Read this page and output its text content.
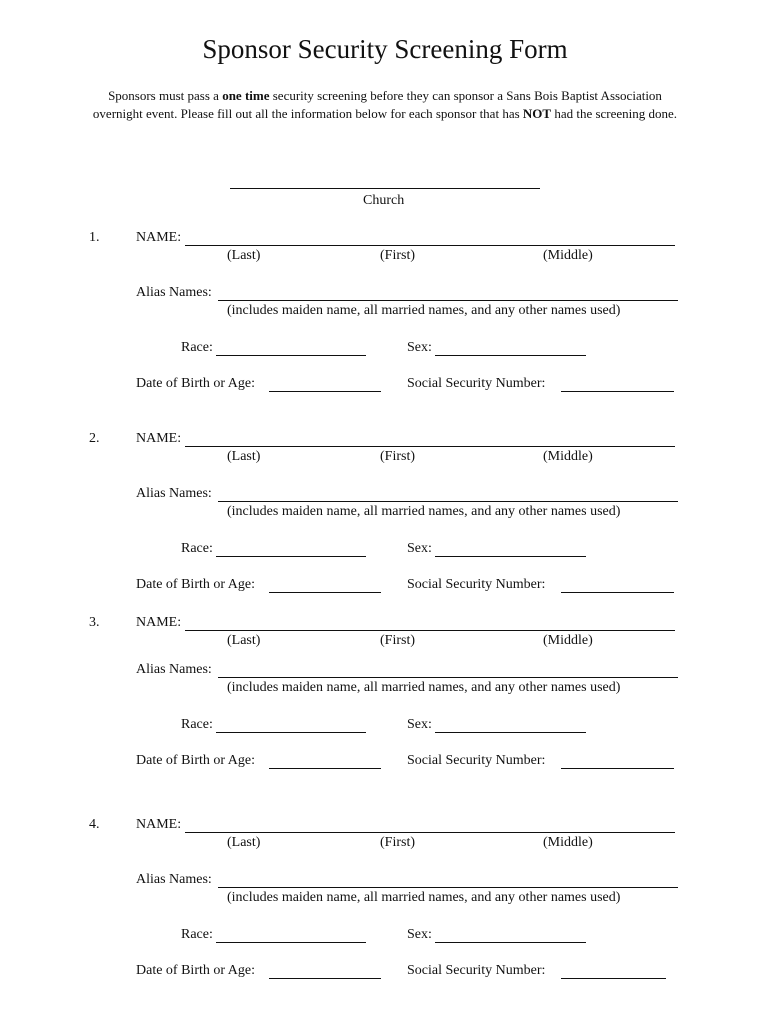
Sponsor Security Screening Form
Sponsors must pass a one time security screening before they can sponsor a Sans Bois Baptist Association overnight event. Please fill out all the information below for each sponsor that has NOT had the screening done.
Church
1.	NAME:
(Last)	(First)	(Middle)
Alias Names:
(includes maiden name, all married names, and any other names used)
Race:	Sex:
Date of Birth or Age:	Social Security Number:
2.	NAME:
(Last)	(First)	(Middle)
Alias Names:
(includes maiden name, all married names, and any other names used)
Race:	Sex:
Date of Birth or Age:	Social Security Number:
3.	NAME:
(Last)	(First)	(Middle)
Alias Names:
(includes maiden name, all married names, and any other names used)
Race:	Sex:
Date of Birth or Age:	Social Security Number:
4.	NAME:
(Last)	(First)	(Middle)
Alias Names:
(includes maiden name, all married names, and any other names used)
Race:	Sex:
Date of Birth or Age:	Social Security Number:
